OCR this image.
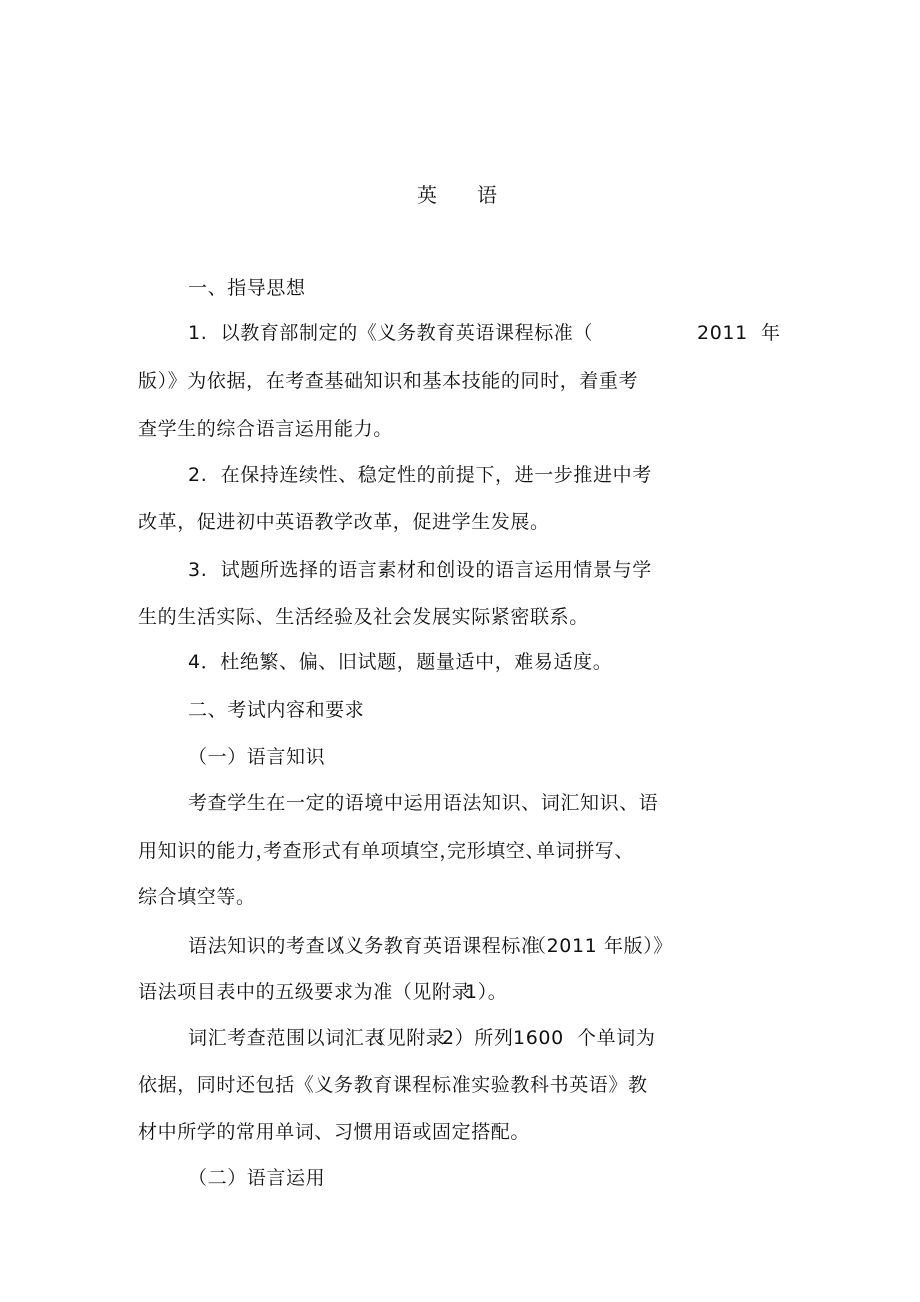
英 语
一、指导思想
1.  以教育部制定的《义务教育英语课程标准（	2011  年
版）》为依据，在考查基础知识和基本技能的同时，着重考
查学生的综合语言运用能力。
2.  在保持连续性、稳定性的前提下，进一步推进中考
改革，促进初中英语教学改革，促进学生发展。
3.  试题所选择的语言素材和创设的语言运用情景与学
生的生活实际、生活经验及社会发展实际紧密联系。
4．杜绝繁、偏、旧试题，题量适中，难易适度。
二、考试内容和要求
（一）语言知识
考查学生在一定的语境中运用语法知识、词汇知识、语
用知识的能力，
考查形式有单项填空，
完形填空、
单词拼写、
综合填空等。
语法知识的考查以
《义务教育英语课程标准
（2011 年版）》
语法项目表中的五级要求为准（见附录
1）。
词汇考查范围以词汇表
（见附录
2）所列 1600  个单词为
依据，同时还包括《义务教育课程标准实验教科书英语》教
材中所学的常用单词、习惯用语或固定搭配。
（二）语言运用
